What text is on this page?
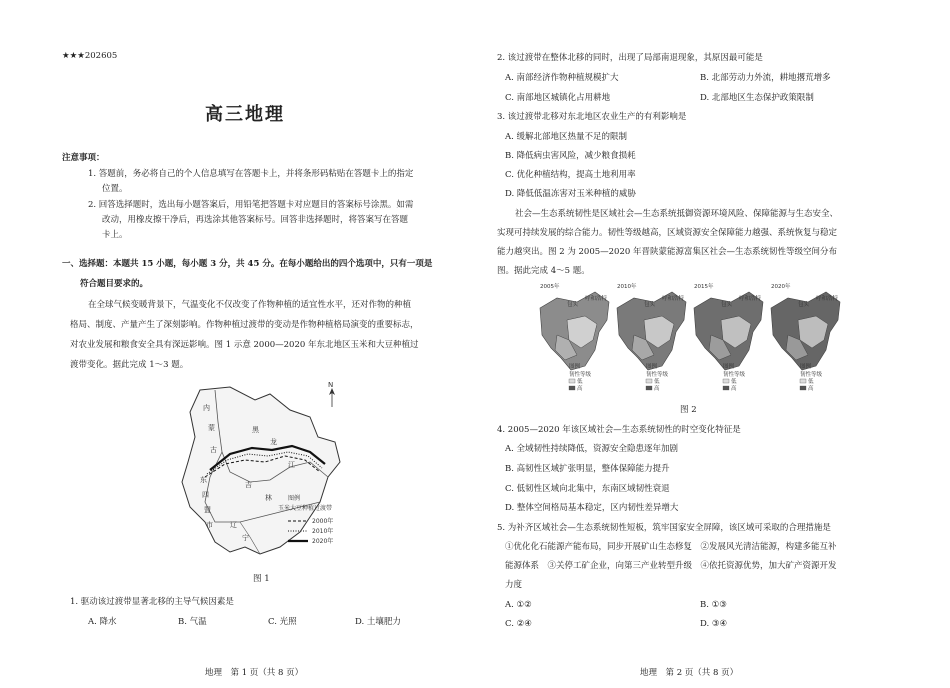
★★★202605
高三地理
注意事项：
1. 答题前，务必将自己的个人信息填写在答题卡上，并将条形码粘贴在答题卡上的指定
位置。
2. 回答选择题时，选出每小题答案后，用铅笔把答题卡对应题目的答案标号涂黑。如需
改动，用橡皮擦干净后，再选涂其他答案标号。回答非选择题时，将答案写在答题
卡上。
一、选择题：本题共 15 小题，每小题 3 分，共 45 分。在每小题给出的四个选项中，只有一项是
符合题目要求的。
在全球气候变暖背景下，气温变化不仅改变了作物种植的适宜性水平，还对作物的种植
格局、制度、产量产生了深刻影响。作物种植过渡带的变动是作物种植格局演变的重要标志，
对农业发展和粮食安全具有深远影响。图 1 示意 2000—2020 年东北地区玉米和大豆种植过
渡带变化。据此完成 1～3 题。
内
蒙
古
黑
龙
江
东
四
盟
市
吉
林
辽
宁
N
图例
玉米大豆种植过渡带
2000年
2010年
2020年
图 1
1. 驱动该过渡带显著北移的主导气候因素是
A. 降水	B. 气温	C. 光照	D. 土壤肥力
地理　第 1 页（共 8 页）
2. 该过渡带在整体北移的同时，出现了局部南退现象，其原因最可能是
A. 南部经济作物种植规模扩大	B. 北部劳动力外流，耕地撂荒增多
C. 南部地区城镇化占用耕地	D. 北部地区生态保护政策限制
3. 该过渡带北移对东北地区农业生产的有利影响是
A. 缓解北部地区热量不足的限制
B. 降低病虫害风险，减少粮食损耗
C. 优化种植结构，提高土地利用率
D. 降低低温冻害对玉米种植的威胁
社会—生态系统韧性是区域社会—生态系统抵御资源环境风险、保障能源与生态安全、
实现可持续发展的综合能力。韧性等级越高，区域资源安全保障能力越强、系统恢复与稳定
能力越突出。图 2 为 2005—2020 年晋陕蒙能源富集区社会—生态系统韧性等级空间分布
图。据此完成 4～5 题。
2005年
呼和浩特
包头
2010年
呼和浩特
包头
2015年
呼和浩特
包头
2020年
呼和浩特
包头
图例
韧性等级
低
高
图例
韧性等级
低
高
图例
韧性等级
低
高
图例
韧性等级
低
高
图 2
4. 2005—2020 年该区域社会—生态系统韧性的时空变化特征是
A. 全域韧性持续降低，资源安全隐患逐年加剧
B. 高韧性区域扩张明显，整体保障能力提升
C. 低韧性区域向北集中，东南区域韧性衰退
D. 整体空间格局基本稳定，区内韧性差异增大
5. 为补齐区域社会—生态系统韧性短板，筑牢国家安全屏障，该区域可采取的合理措施是
①优化化石能源产能布局，同步开展矿山生态修复　②发展风光清洁能源，构建多能互补
能源体系　③关停工矿企业，向第三产业转型升级　④依托资源优势，加大矿产资源开发
力度
A. ①②	B. ①③
C. ②④	D. ③④
地理　第 2 页（共 8 页）
